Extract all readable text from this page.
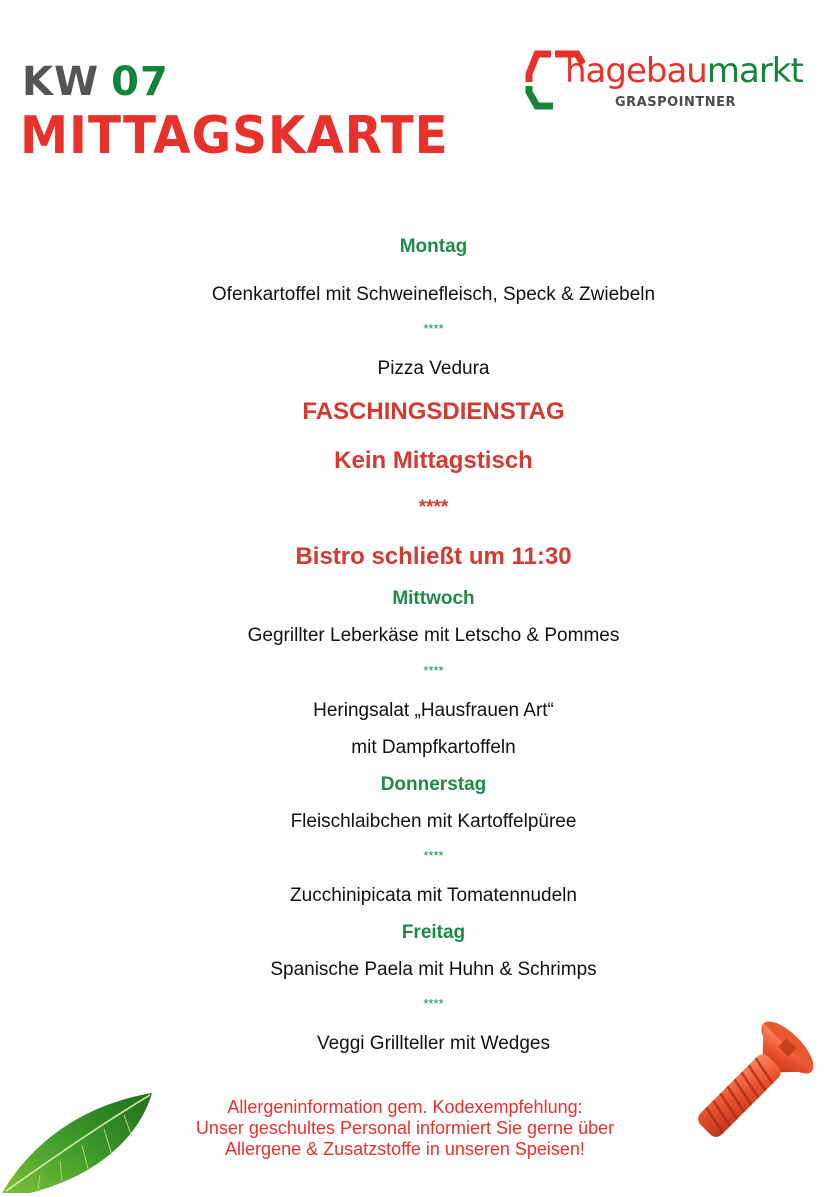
KW 07
MITTAGSKARTE
hagebaumarkt
GRASPOINTNER
Montag
Ofenkartoffel mit Schweinefleisch, Speck & Zwiebeln
****
Pizza Vedura
FASCHINGSDIENSTAG
Kein Mittagstisch
****
Bistro schließt um 11:30
Mittwoch
Gegrillter Leberkäse mit Letscho & Pommes
****
Heringsalat „Hausfrauen Art“
mit Dampfkartoffeln
Donnerstag
Fleischlaibchen mit Kartoffelpüree
****
Zucchinipicata mit Tomatennudeln
Freitag
Spanische Paela mit Huhn & Schrimps
****
Veggi Grillteller mit Wedges
Allergeninformation gem. Kodexempfehlung:
Unser geschultes Personal informiert Sie gerne über
Allergene & Zusatzstoffe in unseren Speisen!
